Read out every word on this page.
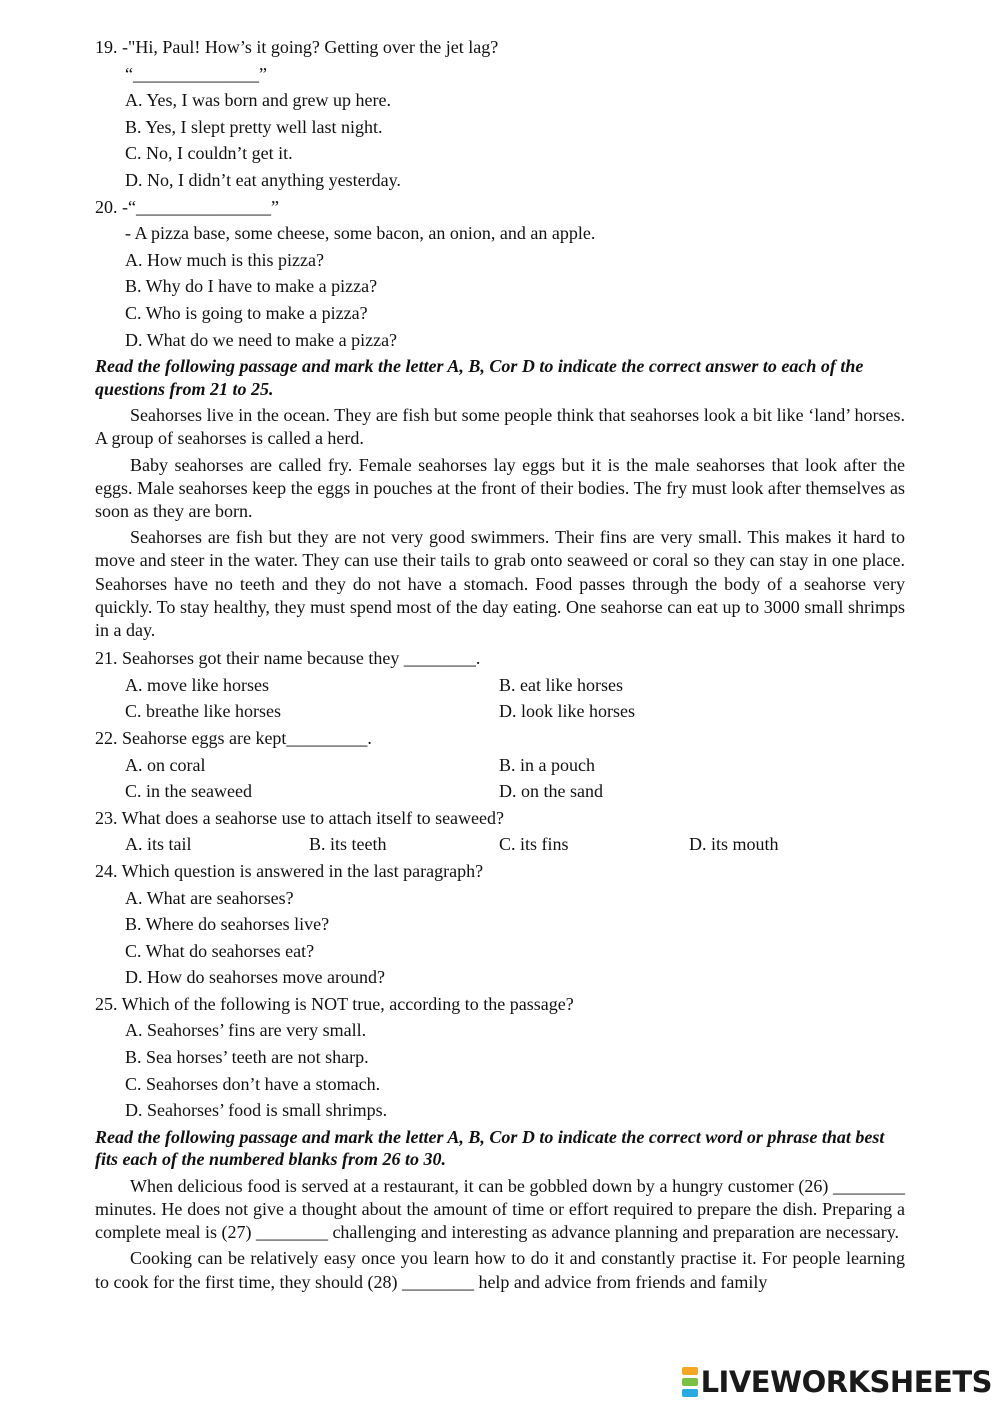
19. -"Hi, Paul! How’s it going? Getting over the jet lag?
“______________”
A. Yes, I was born and grew up here.
B. Yes, I slept pretty well last night.
C. No, I couldn’t get it.
D. No, I didn’t eat anything yesterday.
20. -“_______________”
- A pizza base, some cheese, some bacon, an onion, and an apple.
A. How much is this pizza?
B. Why do I have to make a pizza?
C. Who is going to make a pizza?
D. What do we need to make a pizza?
Read the following passage and mark the letter A, B, Cor D to indicate the correct answer to each of the questions from 21 to 25.
Seahorses live in the ocean. They are fish but some people think that seahorses look a bit like ‘land’ horses. A group of seahorses is called a herd.
Baby seahorses are called fry. Female seahorses lay eggs but it is the male seahorses that look after the eggs. Male seahorses keep the eggs in pouches at the front of their bodies. The fry must look after themselves as soon as they are born.
Seahorses are fish but they are not very good swimmers. Their fins are very small. This makes it hard to move and steer in the water. They can use their tails to grab onto seaweed or coral so they can stay in one place. Seahorses have no teeth and they do not have a stomach. Food passes through the body of a seahorse very quickly. To stay healthy, they must spend most of the day eating. One seahorse can eat up to 3000 small shrimps in a day.
21. Seahorses got their name because they ________.
A. move like horses	B. eat like horses
C. breathe like horses	D. look like horses
22. Seahorse eggs are kept_________.
A. on coral	B. in a pouch
C. in the seaweed	D. on the sand
23. What does a seahorse use to attach itself to seaweed?
A. its tail	B. its teeth	C. its fins	D. its mouth
24. Which question is answered in the last paragraph?
A. What are seahorses?
B. Where do seahorses live?
C. What do seahorses eat?
D. How do seahorses move around?
25. Which of the following is NOT true, according to the passage?
A. Seahorses’ fins are very small.
B. Sea horses’ teeth are not sharp.
C. Seahorses don’t have a stomach.
D. Seahorses’ food is small shrimps.
Read the following passage and mark the letter A, B, Cor D to indicate the correct word or phrase that best fits each of the numbered blanks from 26 to 30.
When delicious food is served at a restaurant, it can be gobbled down by a hungry customer (26) ________ minutes. He does not give a thought about the amount of time or effort required to prepare the dish. Preparing a complete meal is (27) ________ challenging and interesting as advance planning and preparation are necessary.
Cooking can be relatively easy once you learn how to do it and constantly practise it. For people learning to cook for the first time, they should (28) ________ help and advice from friends and family
LIVEWORKSHEETS
